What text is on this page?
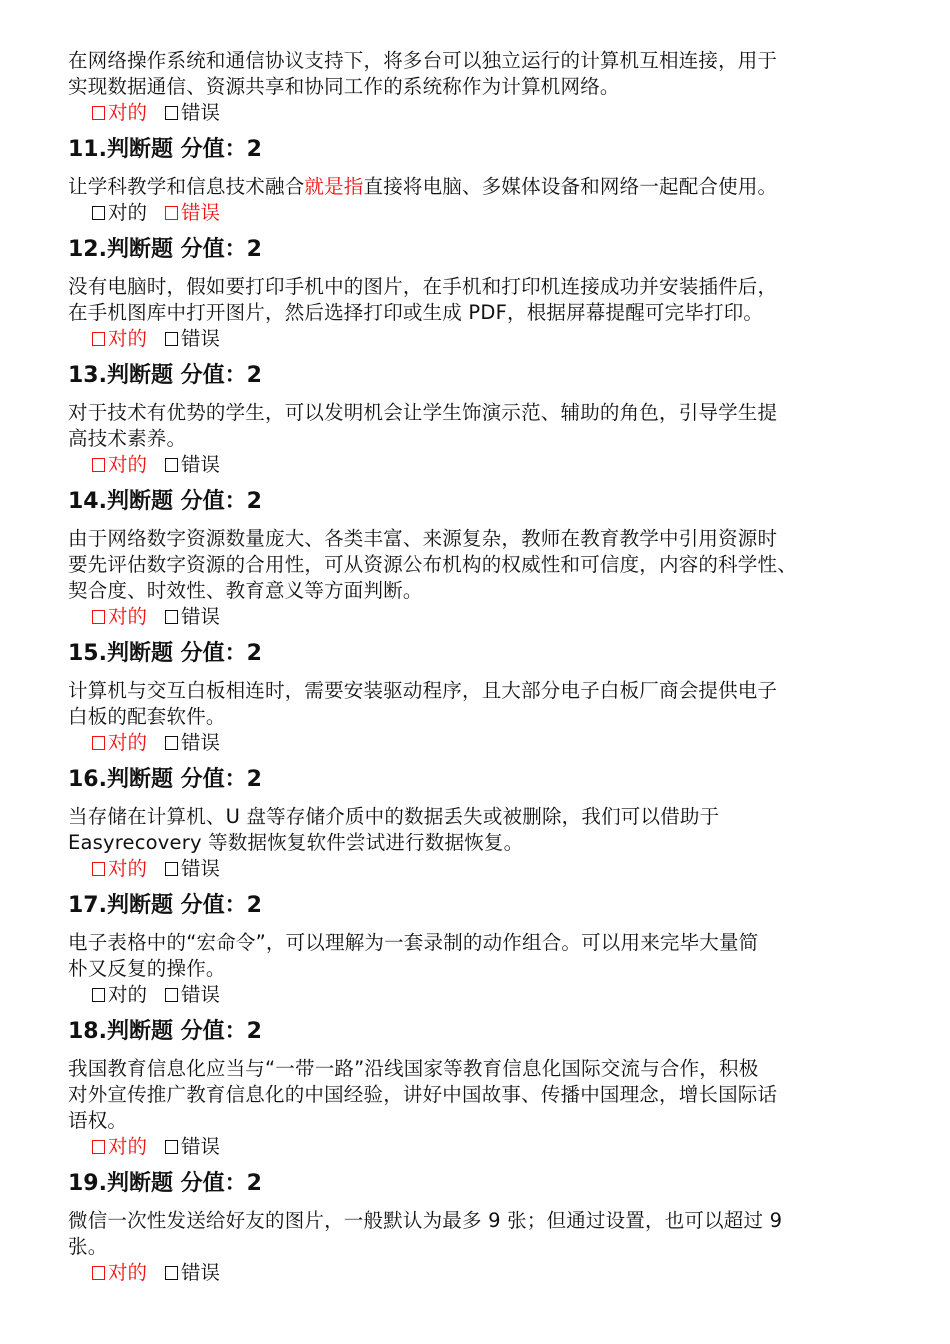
在网络操作系统和通信协议支持下，将多台可以独立运行的计算机互相连接，用于
实现数据通信、资源共享和协同工作的系统称作为计算机网络。
对的 错误
11.判断题 分值：2
让学科教学和信息技术融合就是指直接将电脑、多媒体设备和网络一起配合使用。
对的 错误
12.判断题 分值：2
没有电脑时，假如要打印手机中的图片，在手机和打印机连接成功并安装插件后，
在手机图库中打开图片，然后选择打印或生成 PDF，根据屏幕提醒可完毕打印。
对的 错误
13.判断题 分值：2
对于技术有优势的学生，可以发明机会让学生饰演示范、辅助的角色，引导学生提
高技术素养。
对的 错误
14.判断题 分值：2
由于网络数字资源数量庞大、各类丰富、来源复杂，教师在教育教学中引用资源时
要先评估数字资源的合用性，可从资源公布机构的权威性和可信度，内容的科学性、
契合度、时效性、教育意义等方面判断。
对的 错误
15.判断题 分值：2
计算机与交互白板相连时，需要安装驱动程序，且大部分电子白板厂商会提供电子
白板的配套软件。
对的 错误
16.判断题 分值：2
当存储在计算机、U 盘等存储介质中的数据丢失或被删除，我们可以借助于
Easyrecovery 等数据恢复软件尝试进行数据恢复。
对的 错误
17.判断题 分值：2
电子表格中的“宏命令”，可以理解为一套录制的动作组合。可以用来完毕大量简
朴又反复的操作。
对的 错误
18.判断题 分值：2
我国教育信息化应当与“一带一路”沿线国家等教育信息化国际交流与合作，积极
对外宣传推广教育信息化的中国经验，讲好中国故事、传播中国理念，增长国际话
语权。
对的 错误
19.判断题 分值：2
微信一次性发送给好友的图片，一般默认为最多 9 张；但通过设置，也可以超过 9
张。
对的 错误
